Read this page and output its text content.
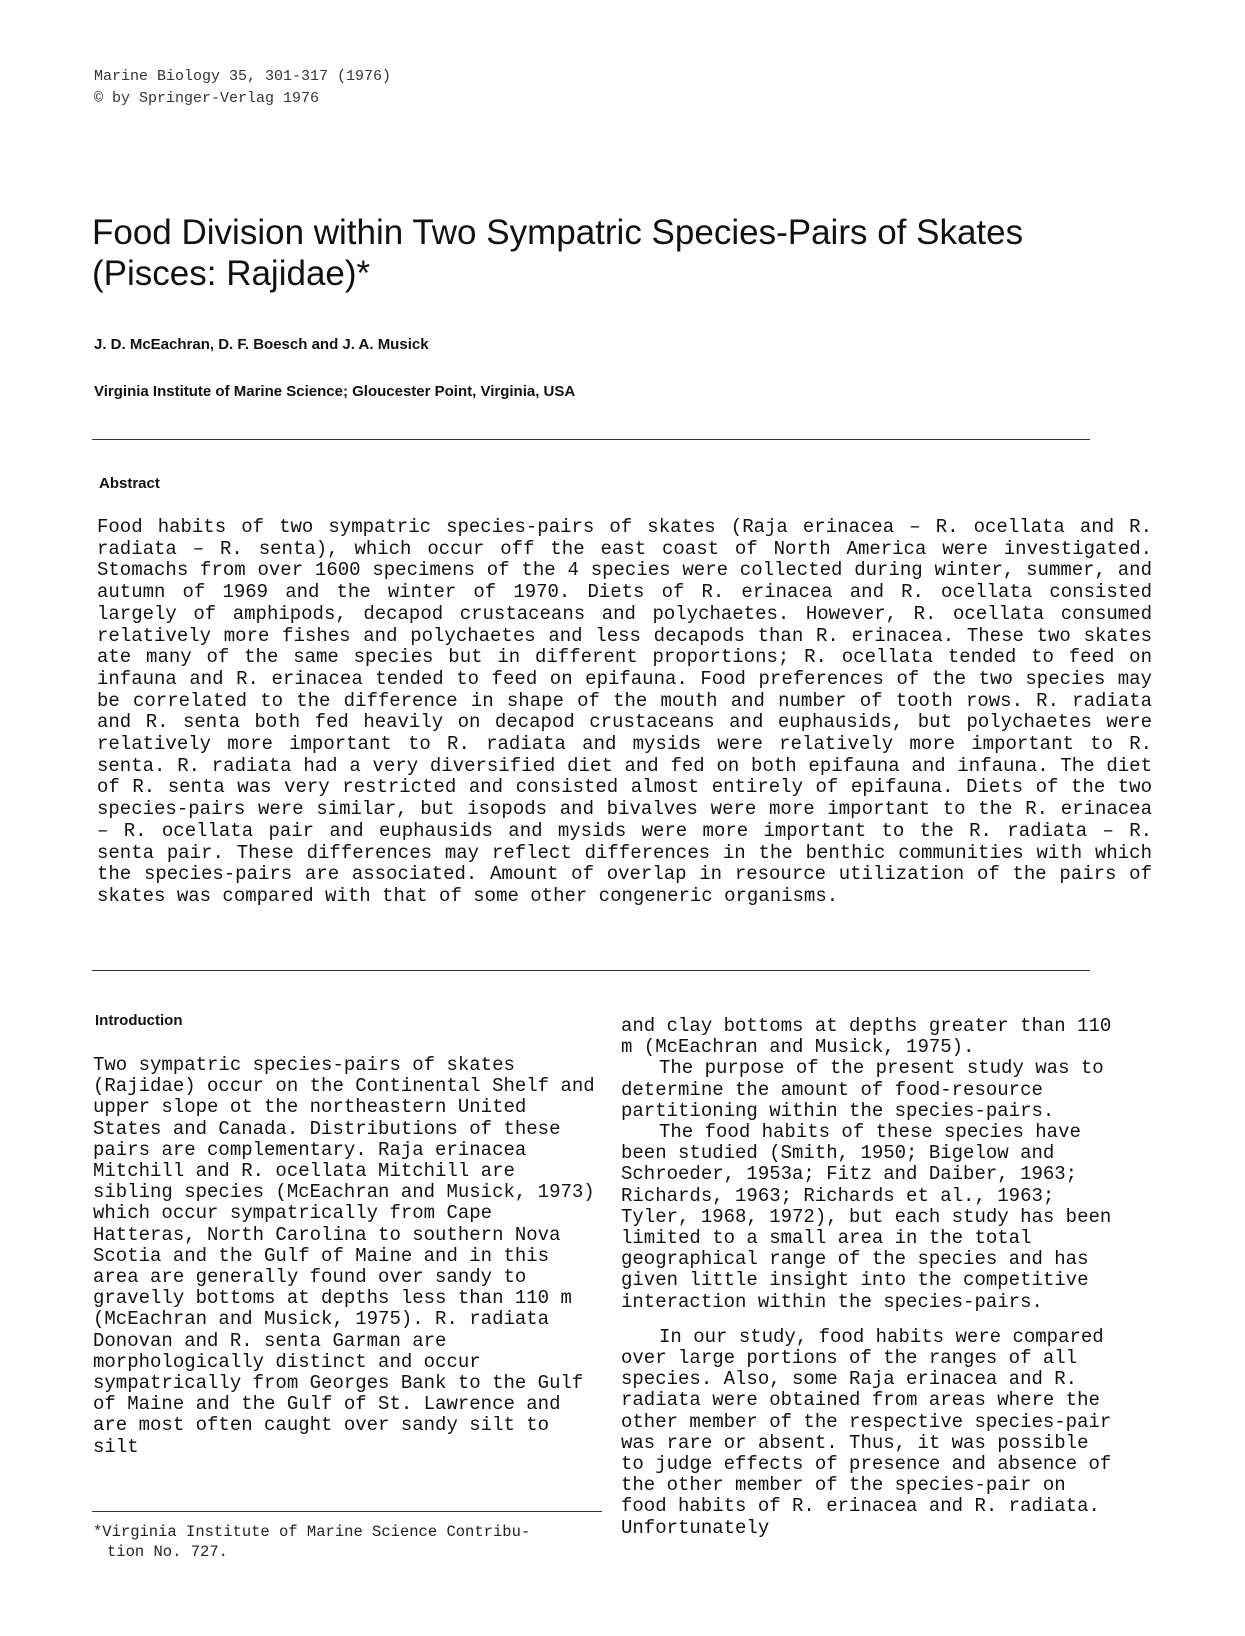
Marine Biology 35, 301-317 (1976)
© by Springer-Verlag 1976
Food Division within Two Sympatric Species-Pairs of Skates (Pisces: Rajidae)*
J. D. McEachran, D. F. Boesch and J. A. Musick
Virginia Institute of Marine Science; Gloucester Point, Virginia, USA
Abstract
Food habits of two sympatric species-pairs of skates (Raja erinacea – R. ocellata and R. radiata – R. senta), which occur off the east coast of North America were investigated. Stomachs from over 1600 specimens of the 4 species were collected during winter, summer, and autumn of 1969 and the winter of 1970. Diets of R. erinacea and R. ocellata consisted largely of amphipods, decapod crustaceans and polychaetes. However, R. ocellata consumed relatively more fishes and polychaetes and less decapods than R. erinacea. These two skates ate many of the same species but in different proportions; R. ocellata tended to feed on infauna and R. erinacea tended to feed on epifauna. Food preferences of the two species may be correlated to the difference in shape of the mouth and number of tooth rows. R. radiata and R. senta both fed heavily on decapod crustaceans and euphausids, but polychaetes were relatively more important to R. radiata and mysids were relatively more important to R. senta. R. radiata had a very diversified diet and fed on both epifauna and infauna. The diet of R. senta was very restricted and consisted almost entirely of epifauna. Diets of the two species-pairs were similar, but isopods and bivalves were more important to the R. erinacea – R. ocellata pair and euphausids and mysids were more important to the R. radiata – R. senta pair. These differences may reflect differences in the benthic communities with which the species-pairs are associated. Amount of overlap in resource utilization of the pairs of skates was compared with that of some other congeneric organisms.
Introduction

Two sympatric species-pairs of skates (Rajidae) occur on the Continental Shelf and upper slope ot the northeastern United States and Canada. Distributions of these pairs are complementary. Raja erinacea Mitchill and R. ocellata Mitchill are sibling species (McEachran and Musick, 1973) which occur sympatrically from Cape Hatteras, North Carolina to southern Nova Scotia and the Gulf of Maine and in this area are generally found over sandy to gravelly bottoms at depths less than 110 m (McEachran and Musick, 1975). R. radiata Donovan and R. senta Garman are morphologically distinct and occur sympatrically from Georges Bank to the Gulf of Maine and the Gulf of St. Lawrence and are most often caught over sandy silt to silt

and clay bottoms at depths greater than 110 m (McEachran and Musick, 1975).

The purpose of the present study was to determine the amount of food-resource partitioning within the species-pairs.

The food habits of these species have been studied (Smith, 1950; Bigelow and Schroeder, 1953a; Fitz and Daiber, 1963; Richards, 1963; Richards et al., 1963; Tyler, 1968, 1972), but each study has been limited to a small area in the total geographical range of the species and has given little insight into the competitive interaction within the species-pairs.

In our study, food habits were compared over large portions of the ranges of all species. Also, some Raja erinacea and R. radiata were obtained from areas where the other member of the respective species-pair was rare or absent. Thus, it was possible to judge effects of presence and absence of the other member of the species-pair on food habits of R. erinacea and R. radiata. Unfortunately

*Virginia Institute of Marine Science Contribu-
tion No. 727.
